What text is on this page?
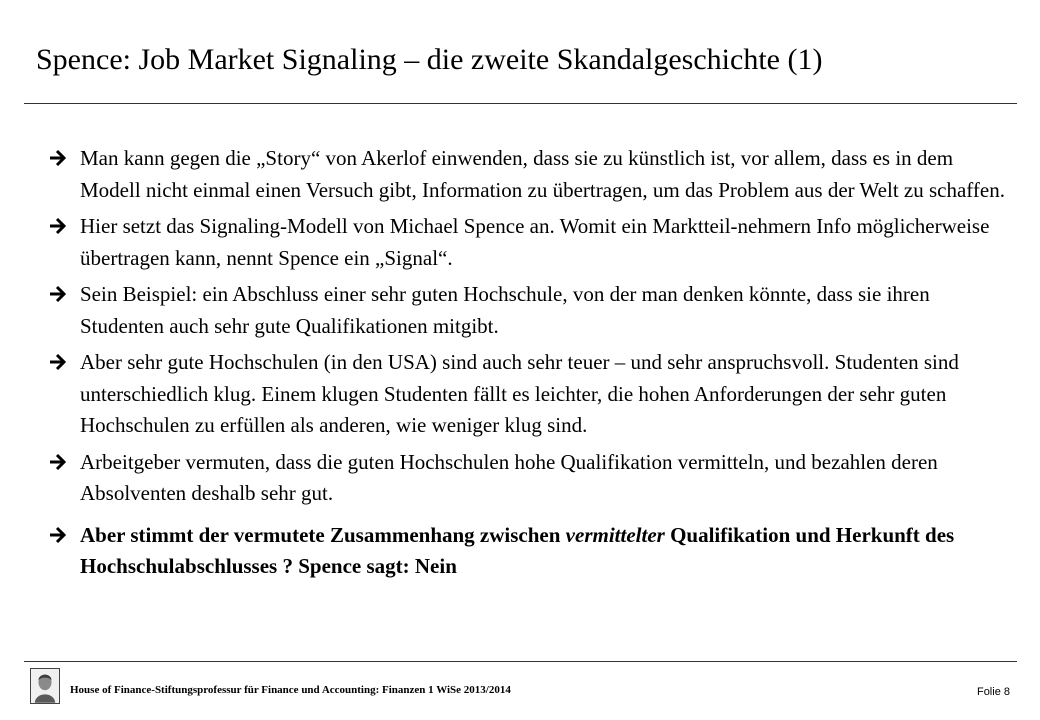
Spence: Job Market Signaling – die zweite Skandalgeschichte (1)
Man kann gegen die „Story“ von Akerlof einwenden, dass sie zu künstlich ist, vor allem, dass es in dem Modell nicht einmal einen Versuch gibt, Information zu übertragen, um das Problem aus der Welt zu schaffen.
Hier setzt das Signaling-Modell von Michael Spence an. Womit ein Marktteil-nehmern Info möglicherweise übertragen kann, nennt Spence ein „Signal“.
Sein Beispiel: ein Abschluss einer sehr guten Hochschule, von der man denken könnte, dass sie ihren Studenten auch sehr gute Qualifikationen mitgibt.
Aber sehr gute Hochschulen (in den USA) sind auch sehr teuer – und sehr anspruchsvoll. Studenten sind unterschiedlich klug. Einem klugen Studenten fällt es leichter, die hohen Anforderungen der sehr guten Hochschulen zu erfüllen als anderen, wie weniger klug sind.
Arbeitgeber vermuten, dass die guten Hochschulen hohe Qualifikation vermitteln, und bezahlen deren Absolventen deshalb sehr gut.
Aber stimmt der vermutete Zusammenhang zwischen vermittelter Qualifikation und Herkunft des Hochschulabschlusses ? Spence sagt: Nein
House of Finance-Stiftungsprofessur für Finance und Accounting: Finanzen 1 WiSe 2013/2014	Folie 8
